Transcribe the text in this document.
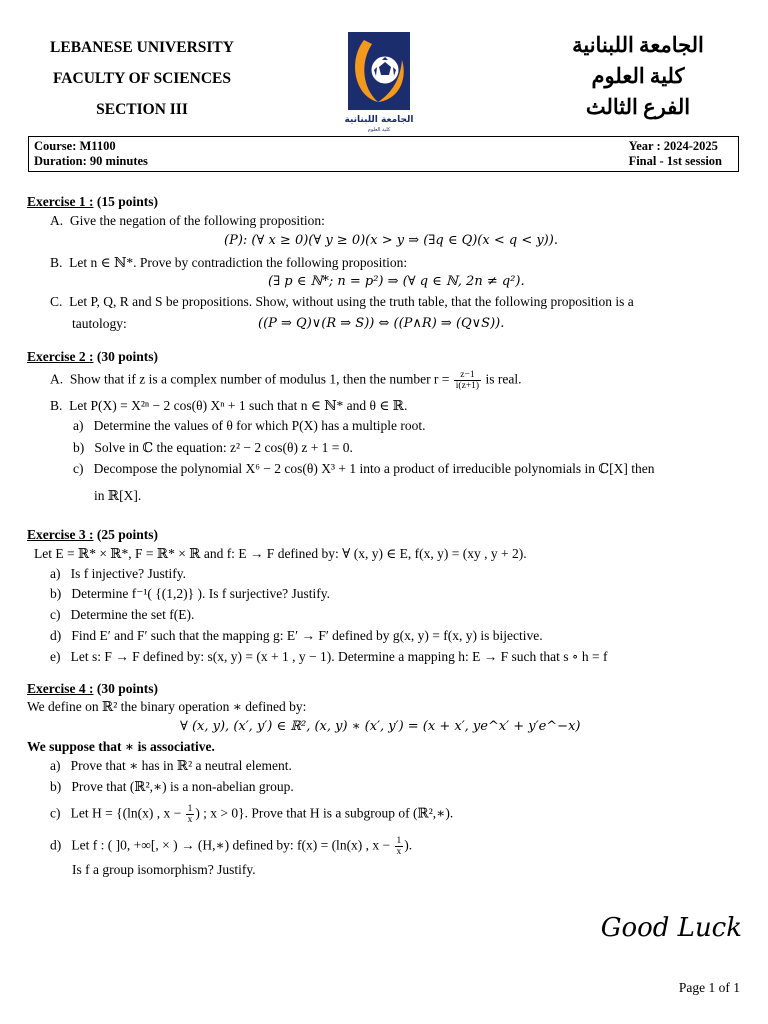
LEBANESE UNIVERSITY
FACULTY OF SCIENCES
SECTION III
الجامعة اللبنانية
كلية العلوم
الجامعة اللبنانية
كلية العلوم
الفرع الثالث
Course: M1100
Duration: 90 minutes
Year : 2024-2025
Final - 1st session
Exercise 1 : (15 points)
A. Give the negation of the following proposition:
(P): (∀ x ≥ 0)(∀ y ≥ 0)(x > y ⇒ (∃q ∈ Q)(x < q < y)).
B. Let n ∈ ℕ*. Prove by contradiction the following proposition:
(∃ p ∈ ℕ*; n = p²) ⇒ (∀ q ∈ ℕ, 2n ≠ q²).
C. Let P, Q, R and S be propositions. Show, without using the truth table, that the following proposition is a
tautology:	((P ⇒ Q)∨(R ⇒ S)) ⇔ ((P∧R) ⇒ (Q∨S)).
Exercise 2 : (30 points)
A. Show that if z is a complex number of modulus 1, then the number $r = \frac{z-1}{i(z+1)}$ is real.
B. Let P(X) = X²ⁿ − 2 cos(θ) Xⁿ + 1 such that n ∈ ℕ* and θ ∈ ℝ.
a) Determine the values of θ for which P(X) has a multiple root.
b) Solve in ℂ the equation: z² − 2 cos(θ) z + 1 = 0.
c) Decompose the polynomial X⁶ − 2 cos(θ) X³ + 1 into a product of irreducible polynomials in ℂ[X] then
in ℝ[X].
Exercise 3 : (25 points)
Let E = ℝ* × ℝ*, F = ℝ* × ℝ and f: E → F defined by: ∀ (x, y) ∈ E, f(x, y) = (xy , y + 2).
a) Is f injective? Justify.
b) Determine f⁻¹( {(1,2)} ). Is f surjective? Justify.
c) Determine the set f(E).
d) Find E′ and F′ such that the mapping g: E′ → F′ defined by g(x, y) = f(x, y) is bijective.
e) Let s: F → F defined by: s(x, y) = (x + 1 , y − 1). Determine a mapping h: E → F such that s ∘ h = f
Exercise 4 : (30 points)
We define on ℝ² the binary operation ∗ defined by:
∀ (x, y), (x′, y′) ∈ ℝ², (x, y) ∗ (x′, y′) = (x + x′, ye^x′ + y′e^−x)
We suppose that ∗ is associative.
a) Prove that ∗ has in ℝ² a neutral element.
b) Prove that (ℝ²,∗) is a non-abelian group.
c) Let H = {(ln(x) , $x - \frac{1}{x}$ ) ; x > 0}. Prove that H is a subgroup of (ℝ²,∗).
d) Let f : ( ]0, +∞[, × ) → (H,∗) defined by: f(x) = (ln(x) , $x - \frac{1}{x}$ ).
Is f a group isomorphism? Justify.
Good Luck
Page 1 of 1
